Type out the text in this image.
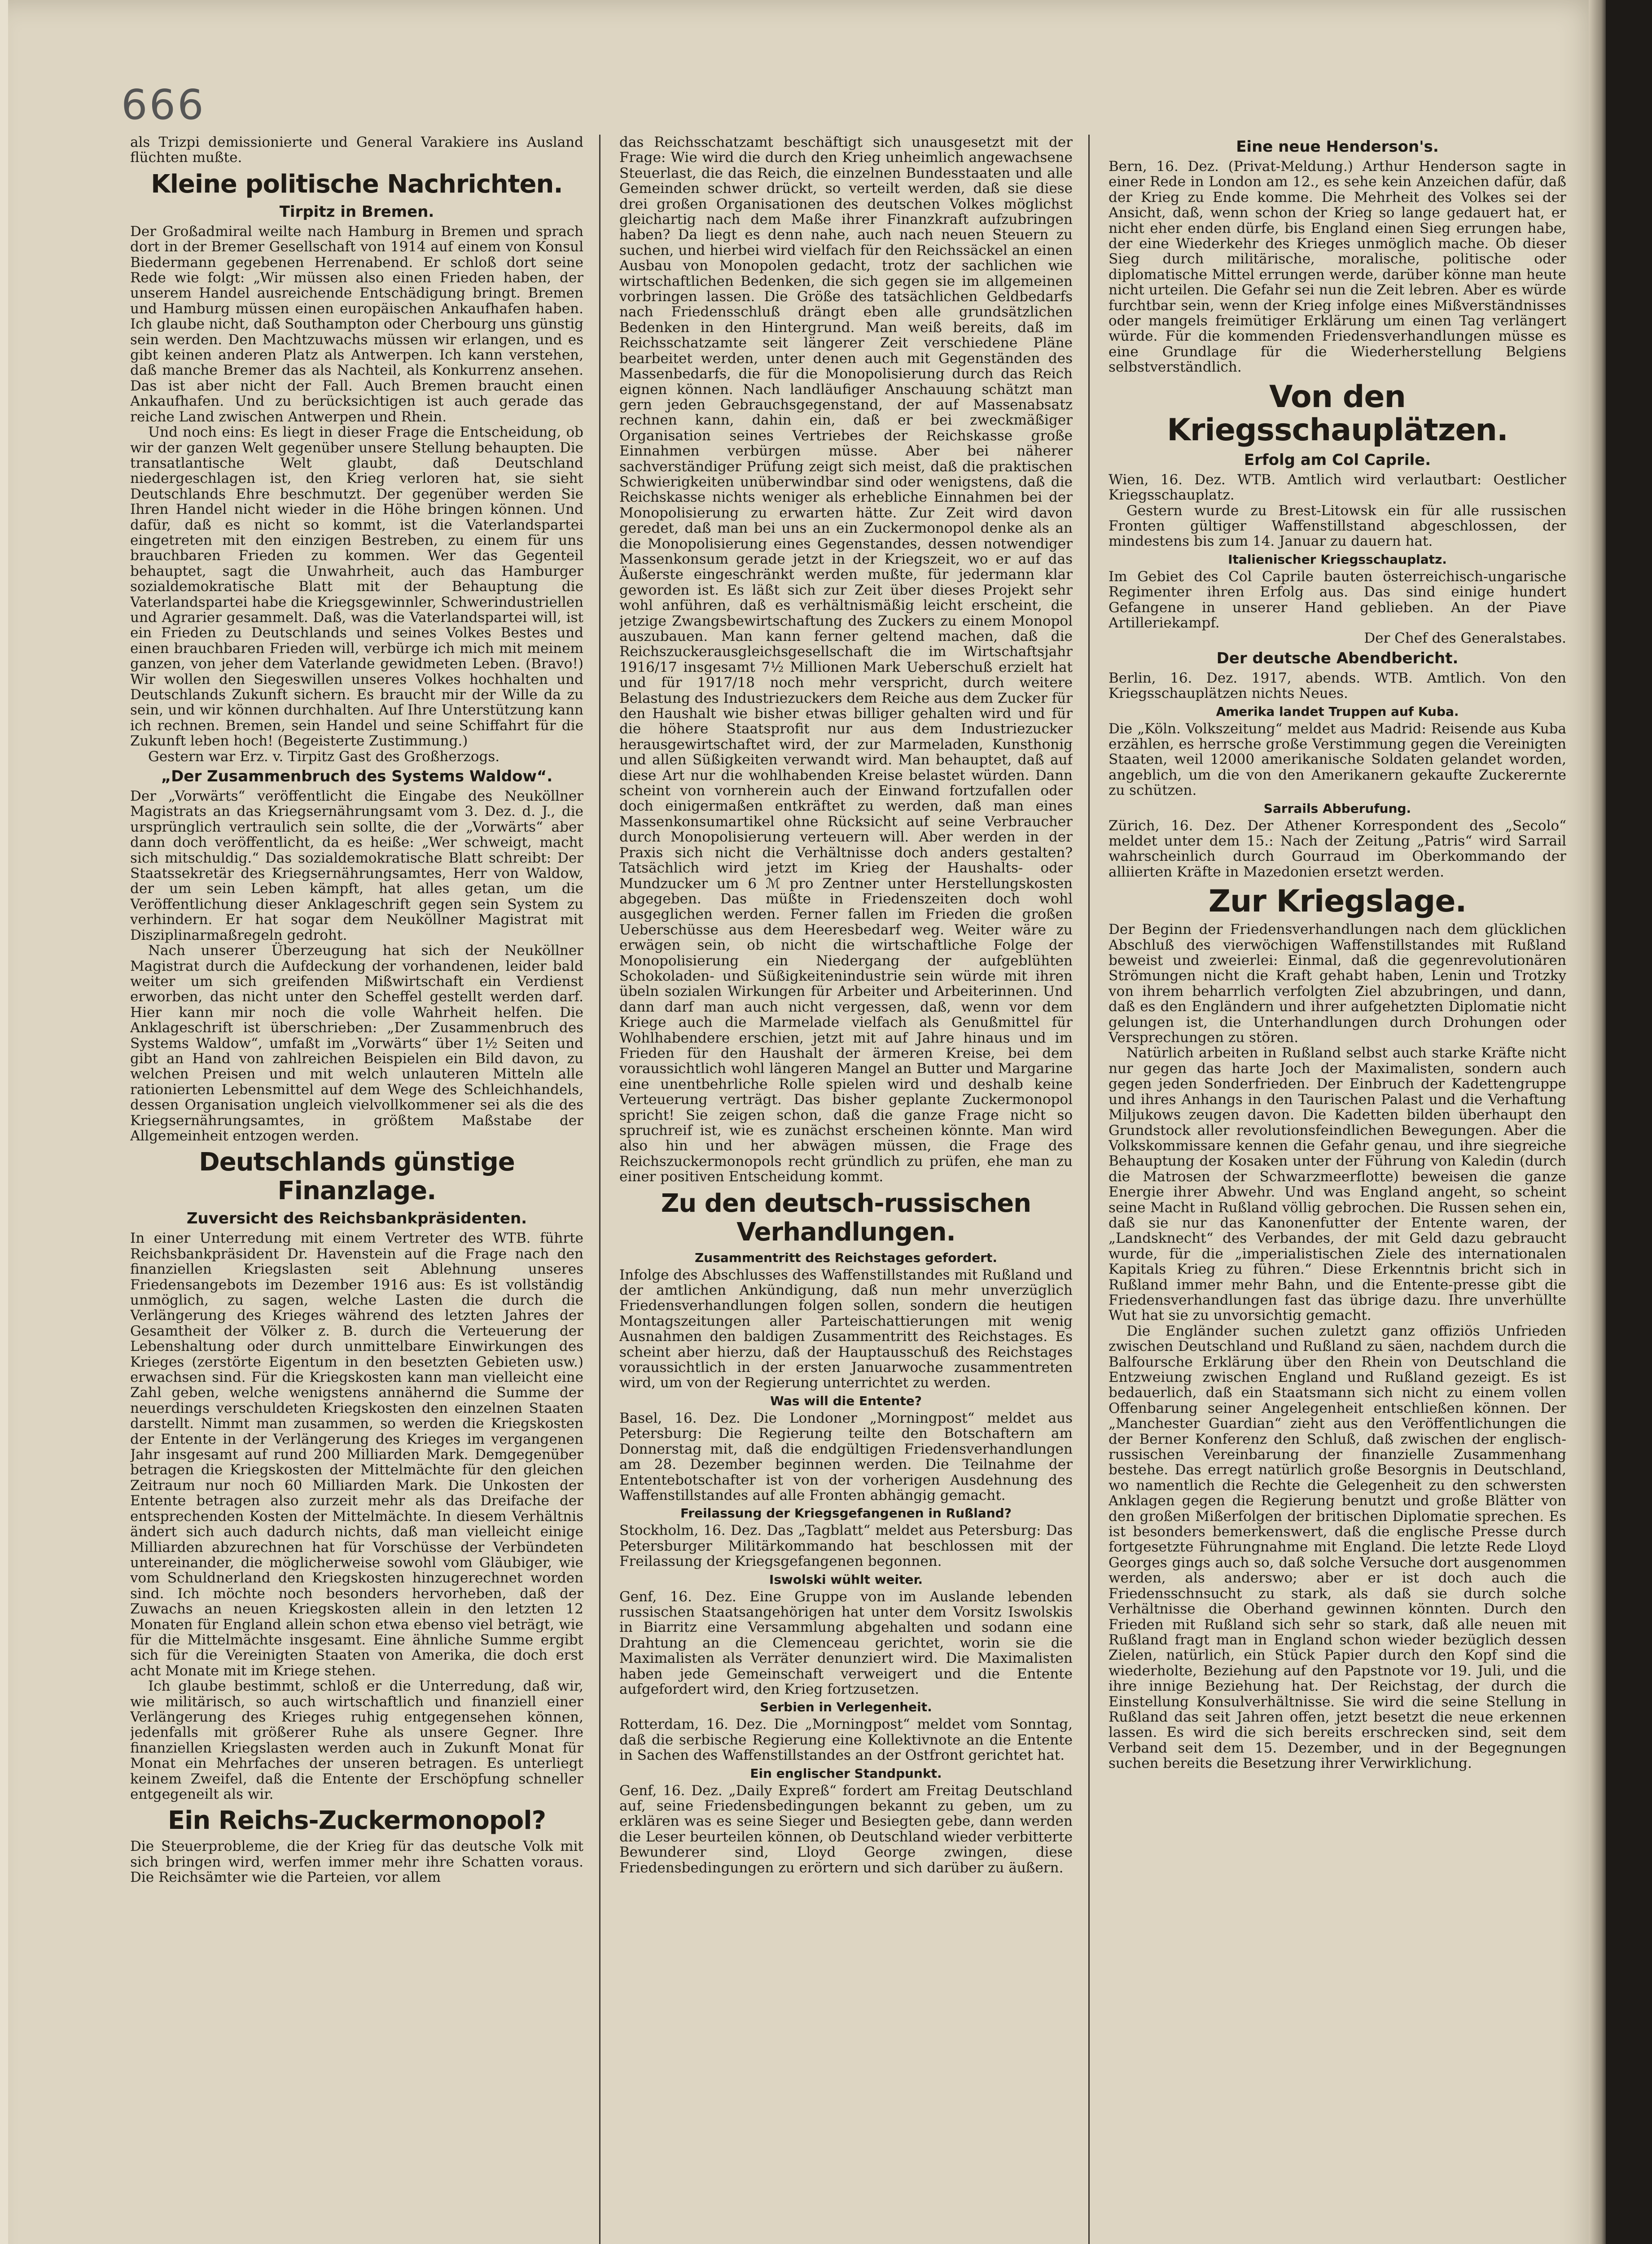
666

als Trizpi demissionierte und General Varakiere ins Ausland flüchten mußte.

Kleine politische Nachrichten.
Tirpitz in Bremen.

Der Großadmiral weilte nach Hamburg in Bremen und sprach dort in der Bremer Gesellschaft von 1914 auf einem von Konsul Biedermann gegebenen Herrenabend. Er schloß dort seine Rede wie folgt: „Wir müssen also einen Frieden haben, der unserem Handel ausreichende Entschädigung bringt. Bremen und Hamburg müssen einen europäischen Ankaufhafen haben. Ich glaube nicht, daß Southampton oder Cherbourg uns günstig sein werden. Den Machtzuwachs müssen wir erlangen, und es gibt keinen anderen Platz als Antwerpen. Ich kann verstehen, daß manche Bremer das als Nachteil, als Konkurrenz ansehen. Das ist aber nicht der Fall. Auch Bremen braucht einen Ankaufhafen. Und zu berücksichtigen ist auch gerade das reiche Land zwischen Antwerpen und Rhein.

Und noch eins: Es liegt in dieser Frage die Entscheidung, ob wir der ganzen Welt gegenüber unsere Stellung behaupten. Die transatlantische Welt glaubt, daß Deutschland niedergeschlagen ist, den Krieg verloren hat, sie sieht Deutschlands Ehre beschmutzt. Der gegenüber werden Sie Ihren Handel nicht wieder in die Höhe bringen können. Und dafür, daß es nicht so kommt, ist die Vaterlandspartei eingetreten mit den einzigen Bestreben, zu einem für uns brauchbaren Frieden zu kommen. Wer das Gegenteil behauptet, sagt die Unwahrheit, auch das Hamburger sozialdemokratische Blatt mit der Behauptung die Vaterlandspartei habe die Kriegsgewinnler, Schwerindustriellen und Agrarier gesammelt. Daß, was die Vaterlandspartei will, ist ein Frieden zu Deutschlands und seines Volkes Bestes und einen brauchbaren Frieden will, verbürge ich mich mit meinem ganzen, von jeher dem Vaterlande gewidmeten Leben. (Bravo!) Wir wollen den Siegeswillen unseres Volkes hochhalten und Deutschlands Zukunft sichern. Es braucht mir der Wille da zu sein, und wir können durchhalten. Auf Ihre Unterstützung kann ich rechnen. Bremen, sein Handel und seine Schiffahrt für die Zukunft leben hoch! (Begeisterte Zustimmung.)

Gestern war Erz. v. Tirpitz Gast des Großherzogs.

„Der Zusammenbruch des Systems Waldow“.

Der „Vorwärts“ veröffentlicht die Eingabe des Neuköllner Magistrats an das Kriegsernährungsamt vom 3. Dez. d. J., die ursprünglich vertraulich sein sollte, die der „Vorwärts“ aber dann doch veröffentlicht, da es heiße: „Wer schweigt, macht sich mitschuldig.“ Das sozialdemokratische Blatt schreibt: Der Staatssekretär des Kriegsernährungsamtes, Herr von Waldow, der um sein Leben kämpft, hat alles getan, um die Veröffentlichung dieser Anklageschrift gegen sein System zu verhindern. Er hat sogar dem Neuköllner Magistrat mit Disziplinarmaßregeln gedroht.

Nach unserer Überzeugung hat sich der Neuköllner Magistrat durch die Aufdeckung der vorhandenen, leider bald weiter um sich greifenden Mißwirtschaft ein Verdienst erworben, das nicht unter den Scheffel gestellt werden darf. Hier kann mir noch die volle Wahrheit helfen. Die Anklageschrift ist überschrieben: „Der Zusammenbruch des Systems Waldow“, umfaßt im „Vorwärts“ über 1½ Seiten und gibt an Hand von zahlreichen Beispielen ein Bild davon, zu welchen Preisen und mit welch unlauteren Mitteln alle rationierten Lebensmittel auf dem Wege des Schleichhandels, dessen Organisation ungleich vielvollkommener sei als die des Kriegsernährungsamtes, in größtem Maßstabe der Allgemeinheit entzogen werden.

Deutschlands günstige Finanzlage.
Zuversicht des Reichsbankpräsidenten.

In einer Unterredung mit einem Vertreter des WTB. führte Reichsbankpräsident Dr. Havenstein auf die Frage nach den finanziellen Kriegslasten seit Ablehnung unseres Friedensangebots im Dezember 1916 aus: Es ist vollständig unmöglich, zu sagen, welche Lasten die durch die Verlängerung des Krieges während des letzten Jahres der Gesamtheit der Völker z. B. durch die Verteuerung der Lebenshaltung oder durch unmittelbare Einwirkungen des Krieges (zerstörte Eigentum in den besetzten Gebieten usw.) erwachsen sind. Für die Kriegskosten kann man vielleicht eine Zahl geben, welche wenigstens annähernd die Summe der neuerdings verschuldeten Kriegskosten den einzelnen Staaten darstellt. Nimmt man zusammen, so werden die Kriegskosten der Entente in der Verlängerung des Krieges im vergangenen Jahr insgesamt auf rund 200 Milliarden Mark. Demgegenüber betragen die Kriegskosten der Mittelmächte für den gleichen Zeitraum nur noch 60 Milliarden Mark. Die Unkosten der Entente betragen also zurzeit mehr als das Dreifache der entsprechenden Kosten der Mittelmächte. In diesem Verhältnis ändert sich auch dadurch nichts, daß man vielleicht einige Milliarden abzurechnen hat für Vorschüsse der Verbündeten untereinander, die möglicherweise sowohl vom Gläubiger, wie vom Schuldnerland den Kriegskosten hinzugerechnet worden sind. Ich möchte noch besonders hervorheben, daß der Zuwachs an neuen Kriegskosten allein in den letzten 12 Monaten für England allein schon etwa ebenso viel beträgt, wie für die Mittelmächte insgesamt. Eine ähnliche Summe ergibt sich für die Vereinigten Staaten von Amerika, die doch erst acht Monate mit im Kriege stehen.

Ich glaube bestimmt, schloß er die Unterredung, daß wir, wie militärisch, so auch wirtschaftlich und finanziell einer Verlängerung des Krieges ruhig entgegensehen können, jedenfalls mit größerer Ruhe als unsere Gegner. Ihre finanziellen Kriegslasten werden auch in Zukunft Monat für Monat ein Mehrfaches der unseren betragen. Es unterliegt keinem Zweifel, daß die Entente der Erschöpfung schneller entgegeneilt als wir.

Ein Reichs-Zuckermonopol?

Die Steuerprobleme, die der Krieg für das deutsche Volk mit sich bringen wird, werfen immer mehr ihre Schatten voraus. Die Reichsämter wie die Parteien, vor allem

das Reichsschatzamt beschäftigt sich unausgesetzt mit der Frage: Wie wird die durch den Krieg unheimlich angewachsene Steuerlast, die das Reich, die einzelnen Bundesstaaten und alle Gemeinden schwer drückt, so verteilt werden, daß sie diese drei großen Organisationen des deutschen Volkes möglichst gleichartig nach dem Maße ihrer Finanzkraft aufzubringen haben? Da liegt es denn nahe, auch nach neuen Steuern zu suchen, und hierbei wird vielfach für den Reichssäckel an einen Ausbau von Monopolen gedacht, trotz der sachlichen wie wirtschaftlichen Bedenken, die sich gegen sie im allgemeinen vorbringen lassen. Die Größe des tatsächlichen Geldbedarfs nach Friedensschluß drängt eben alle grundsätzlichen Bedenken in den Hintergrund. Man weiß bereits, daß im Reichsschatzamte seit längerer Zeit verschiedene Pläne bearbeitet werden, unter denen auch mit Gegenständen des Massenbedarfs, die für die Monopolisierung durch das Reich eignen können. Nach landläufiger Anschauung schätzt man gern jeden Gebrauchsgegenstand, der auf Massenabsatz rechnen kann, dahin ein, daß er bei zweckmäßiger Organisation seines Vertriebes der Reichskasse große Einnahmen verbürgen müsse. Aber bei näherer sachverständiger Prüfung zeigt sich meist, daß die praktischen Schwierigkeiten unüberwindbar sind oder wenigstens, daß die Reichskasse nichts weniger als erhebliche Einnahmen bei der Monopolisierung zu erwarten hätte. Zur Zeit wird davon geredet, daß man bei uns an ein Zuckermonopol denke als an die Monopolisierung eines Gegenstandes, dessen notwendiger Massenkonsum gerade jetzt in der Kriegszeit, wo er auf das Äußerste eingeschränkt werden mußte, für jedermann klar geworden ist. Es läßt sich zur Zeit über dieses Projekt sehr wohl anführen, daß es verhältnismäßig leicht erscheint, die jetzige Zwangsbewirtschaftung des Zuckers zu einem Monopol auszubauen. Man kann ferner geltend machen, daß die Reichszuckerausgleichsgesellschaft die im Wirtschaftsjahr 1916/17 insgesamt 7½ Millionen Mark Ueberschuß erzielt hat und für 1917/18 noch mehr verspricht, durch weitere Belastung des Industriezuckers dem Reiche aus dem Zucker für den Haushalt wie bisher etwas billiger gehalten wird und für die höhere Staatsprofit nur aus dem Industriezucker herausgewirtschaftet wird, der zur Marmeladen, Kunsthonig und allen Süßigkeiten verwandt wird. Man behauptet, daß auf diese Art nur die wohlhabenden Kreise belastet würden. Dann scheint von vornherein auch der Einwand fortzufallen oder doch einigermaßen entkräftet zu werden, daß man eines Massenkonsumartikel ohne Rücksicht auf seine Verbraucher durch Monopolisierung verteuern will. Aber werden in der Praxis sich nicht die Verhältnisse doch anders gestalten? Tatsächlich wird jetzt im Krieg der Haushalts- oder Mundzucker um 6 ℳ pro Zentner unter Herstellungskosten abgegeben. Das müßte in Friedenszeiten doch wohl ausgeglichen werden. Ferner fallen im Frieden die großen Ueberschüsse aus dem Heeresbedarf weg. Weiter wäre zu erwägen sein, ob nicht die wirtschaftliche Folge der Monopolisierung ein Niedergang der aufgeblühten Schokoladen- und Süßigkeitenindustrie sein würde mit ihren übeln sozialen Wirkungen für Arbeiter und Arbeiterinnen. Und dann darf man auch nicht vergessen, daß, wenn vor dem Kriege auch die Marmelade vielfach als Genußmittel für Wohlhabendere erschien, jetzt mit auf Jahre hinaus und im Frieden für den Haushalt der ärmeren Kreise, bei dem voraussichtlich wohl längeren Mangel an Butter und Margarine eine unentbehrliche Rolle spielen wird und deshalb keine Verteuerung verträgt. Das bisher geplante Zuckermonopol spricht! Sie zeigen schon, daß die ganze Frage nicht so spruchreif ist, wie es zunächst erscheinen könnte. Man wird also hin und her abwägen müssen, die Frage des Reichszuckermonopols recht gründlich zu prüfen, ehe man zu einer positiven Entscheidung kommt.

Zu den deutsch-russischen Verhandlungen.
Zusammentritt des Reichstages gefordert.

Infolge des Abschlusses des Waffenstillstandes mit Rußland und der amtlichen Ankündigung, daß nun mehr unverzüglich Friedensverhandlungen folgen sollen, sondern die heutigen Montagszeitungen aller Parteischattierungen mit wenig Ausnahmen den baldigen Zusammentritt des Reichstages. Es scheint aber hierzu, daß der Hauptausschuß des Reichstages voraussichtlich in der ersten Januarwoche zusammentreten wird, um von der Regierung unterrichtet zu werden.

Was will die Entente?

Basel, 16. Dez. Die Londoner „Morningpost“ meldet aus Petersburg: Die Regierung teilte den Botschaftern am Donnerstag mit, daß die endgültigen Friedensverhandlungen am 28. Dezember beginnen werden. Die Teilnahme der Ententebotschafter ist von der vorherigen Ausdehnung des Waffenstillstandes auf alle Fronten abhängig gemacht.

Freilassung der Kriegsgefangenen in Rußland?

Stockholm, 16. Dez. Das „Tagblatt“ meldet aus Petersburg: Das Petersburger Militärkommando hat beschlossen mit der Freilassung der Kriegsgefangenen begonnen.

Iswolski wühlt weiter.

Genf, 16. Dez. Eine Gruppe von im Auslande lebenden russischen Staatsangehörigen hat unter dem Vorsitz Iswolskis in Biarritz eine Versammlung abgehalten und sodann eine Drahtung an die Clemenceau gerichtet, worin sie die Maximalisten als Verräter denunziert wird. Die Maximalisten haben jede Gemeinschaft verweigert und die Entente aufgefordert wird, den Krieg fortzusetzen.

Serbien in Verlegenheit.

Rotterdam, 16. Dez. Die „Morningpost“ meldet vom Sonntag, daß die serbische Regierung eine Kollektivnote an die Entente in Sachen des Waffenstillstandes an der Ostfront gerichtet hat.

Ein englischer Standpunkt.

Genf, 16. Dez. „Daily Expreß“ fordert am Freitag Deutschland auf, seine Friedensbedingungen bekannt zu geben, um zu erklären was es seine Sieger und Besiegten gebe, dann werden die Leser beurteilen können, ob Deutschland wieder verbitterte Bewunderer sind, Lloyd George zwingen, diese Friedensbedingungen zu erörtern und sich darüber zu äußern.

Eine neue Henderson's.

Bern, 16. Dez. (Privat-Meldung.) Arthur Henderson sagte in einer Rede in London am 12., es sehe kein Anzeichen dafür, daß der Krieg zu Ende komme. Die Mehrheit des Volkes sei der Ansicht, daß, wenn schon der Krieg so lange gedauert hat, er nicht eher enden dürfe, bis England einen Sieg errungen habe, der eine Wiederkehr des Krieges unmöglich mache. Ob dieser Sieg durch militärische, moralische, politische oder diplomatische Mittel errungen werde, darüber könne man heute nicht urteilen. Die Gefahr sei nun die Zeit lebren. Aber es würde furchtbar sein, wenn der Krieg infolge eines Mißverständnisses oder mangels freimütiger Erklärung um einen Tag verlängert würde. Für die kommenden Friedensverhandlungen müsse es eine Grundlage für die Wiederherstellung Belgiens selbstverständlich.

Von den Kriegsschauplätzen.
Erfolg am Col Caprile.

Wien, 16. Dez. WTB. Amtlich wird verlautbart: Oestlicher Kriegsschauplatz.

Gestern wurde zu Brest-Litowsk ein für alle russischen Fronten gültiger Waffenstillstand abgeschlossen, der mindestens bis zum 14. Januar zu dauern hat.

Italienischer Kriegsschauplatz.

Im Gebiet des Col Caprile bauten österreichisch-ungarische Regimenter ihren Erfolg aus. Das sind einige hundert Gefangene in unserer Hand geblieben. An der Piave Artilleriekampf.

Der Chef des Generalstabes.

Der deutsche Abendbericht.

Berlin, 16. Dez. 1917, abends. WTB. Amtlich. Von den Kriegsschauplätzen nichts Neues.

Amerika landet Truppen auf Kuba.

Die „Köln. Volkszeitung“ meldet aus Madrid: Reisende aus Kuba erzählen, es herrsche große Verstimmung gegen die Vereinigten Staaten, weil 12000 amerikanische Soldaten gelandet worden, angeblich, um die von den Amerikanern gekaufte Zuckerernte zu schützen.

Sarrails Abberufung.

Zürich, 16. Dez. Der Athener Korrespondent des „Secolo“ meldet unter dem 15.: Nach der Zeitung „Patris“ wird Sarrail wahrscheinlich durch Gourraud im Oberkommando der alliierten Kräfte in Mazedonien ersetzt werden.

Zur Kriegslage.

Der Beginn der Friedensverhandlungen nach dem glücklichen Abschluß des vierwöchigen Waffenstillstandes mit Rußland beweist und zweierlei: Einmal, daß die gegenrevolutionären Strömungen nicht die Kraft gehabt haben, Lenin und Trotzky von ihrem beharrlich verfolgten Ziel abzubringen, und dann, daß es den Engländern und ihrer aufgehetzten Diplomatie nicht gelungen ist, die Unterhandlungen durch Drohungen oder Versprechungen zu stören.

Natürlich arbeiten in Rußland selbst auch starke Kräfte nicht nur gegen das harte Joch der Maximalisten, sondern auch gegen jeden Sonderfrieden. Der Einbruch der Kadettengruppe und ihres Anhangs in den Taurischen Palast und die Verhaftung Miljukows zeugen davon. Die Kadetten bilden überhaupt den Grundstock aller revolutionsfeindlichen Bewegungen. Aber die Volkskommissare kennen die Gefahr genau, und ihre siegreiche Behauptung der Kosaken unter der Führung von Kaledin (durch die Matrosen der Schwarzmeerflotte) beweisen die ganze Energie ihrer Abwehr. Und was England angeht, so scheint seine Macht in Rußland völlig gebrochen. Die Russen sehen ein, daß sie nur das Kanonenfutter der Entente waren, der „Landsknecht“ des Verbandes, der mit Geld dazu gebraucht wurde, für die „imperialistischen Ziele des internationalen Kapitals Krieg zu führen.“ Diese Erkenntnis bricht sich in Rußland immer mehr Bahn, und die Entente-presse gibt die Friedensverhandlungen fast das übrige dazu. Ihre unverhüllte Wut hat sie zu unvorsichtig gemacht.

Die Engländer suchen zuletzt ganz offiziös Unfrieden zwischen Deutschland und Rußland zu säen, nachdem durch die Balfoursche Erklärung über den Rhein von Deutschland die Entzweiung zwischen England und Rußland gezeigt. Es ist bedauerlich, daß ein Staatsmann sich nicht zu einem vollen Offenbarung seiner Angelegenheit entschließen können. Der „Manchester Guardian“ zieht aus den Veröffentlichungen die der Berner Konferenz den Schluß, daß zwischen der englisch-russischen Vereinbarung der finanzielle Zusammenhang bestehe. Das erregt natürlich große Besorgnis in Deutschland, wo namentlich die Rechte die Gelegenheit zu den schwersten Anklagen gegen die Regierung benutzt und große Blätter von den großen Mißerfolgen der britischen Diplomatie sprechen. Es ist besonders bemerkenswert, daß die englische Presse durch fortgesetzte Führungnahme mit England. Die letzte Rede Lloyd Georges gings auch so, daß solche Versuche dort ausgenommen werden, als anderswo; aber er ist doch auch die Friedensschnsucht zu stark, als daß sie durch solche Verhältnisse die Oberhand gewinnen könnten. Durch den Frieden mit Rußland sich sehr so stark, daß alle neuen mit Rußland fragt man in England schon wieder bezüglich dessen Zielen, natürlich, ein Stück Papier durch den Kopf sind die wiederholte, Beziehung auf den Papstnote vor 19. Juli, und die ihre innige Beziehung hat. Der Reichstag, der durch die Einstellung Konsulverhältnisse. Sie wird die seine Stellung in Rußland das seit Jahren offen, jetzt besetzt die neue erkennen lassen. Es wird die sich bereits erschrecken sind, seit dem Verband seit dem 15. Dezember, und in der Begegnungen suchen bereits die Besetzung ihrer Verwirklichung.
